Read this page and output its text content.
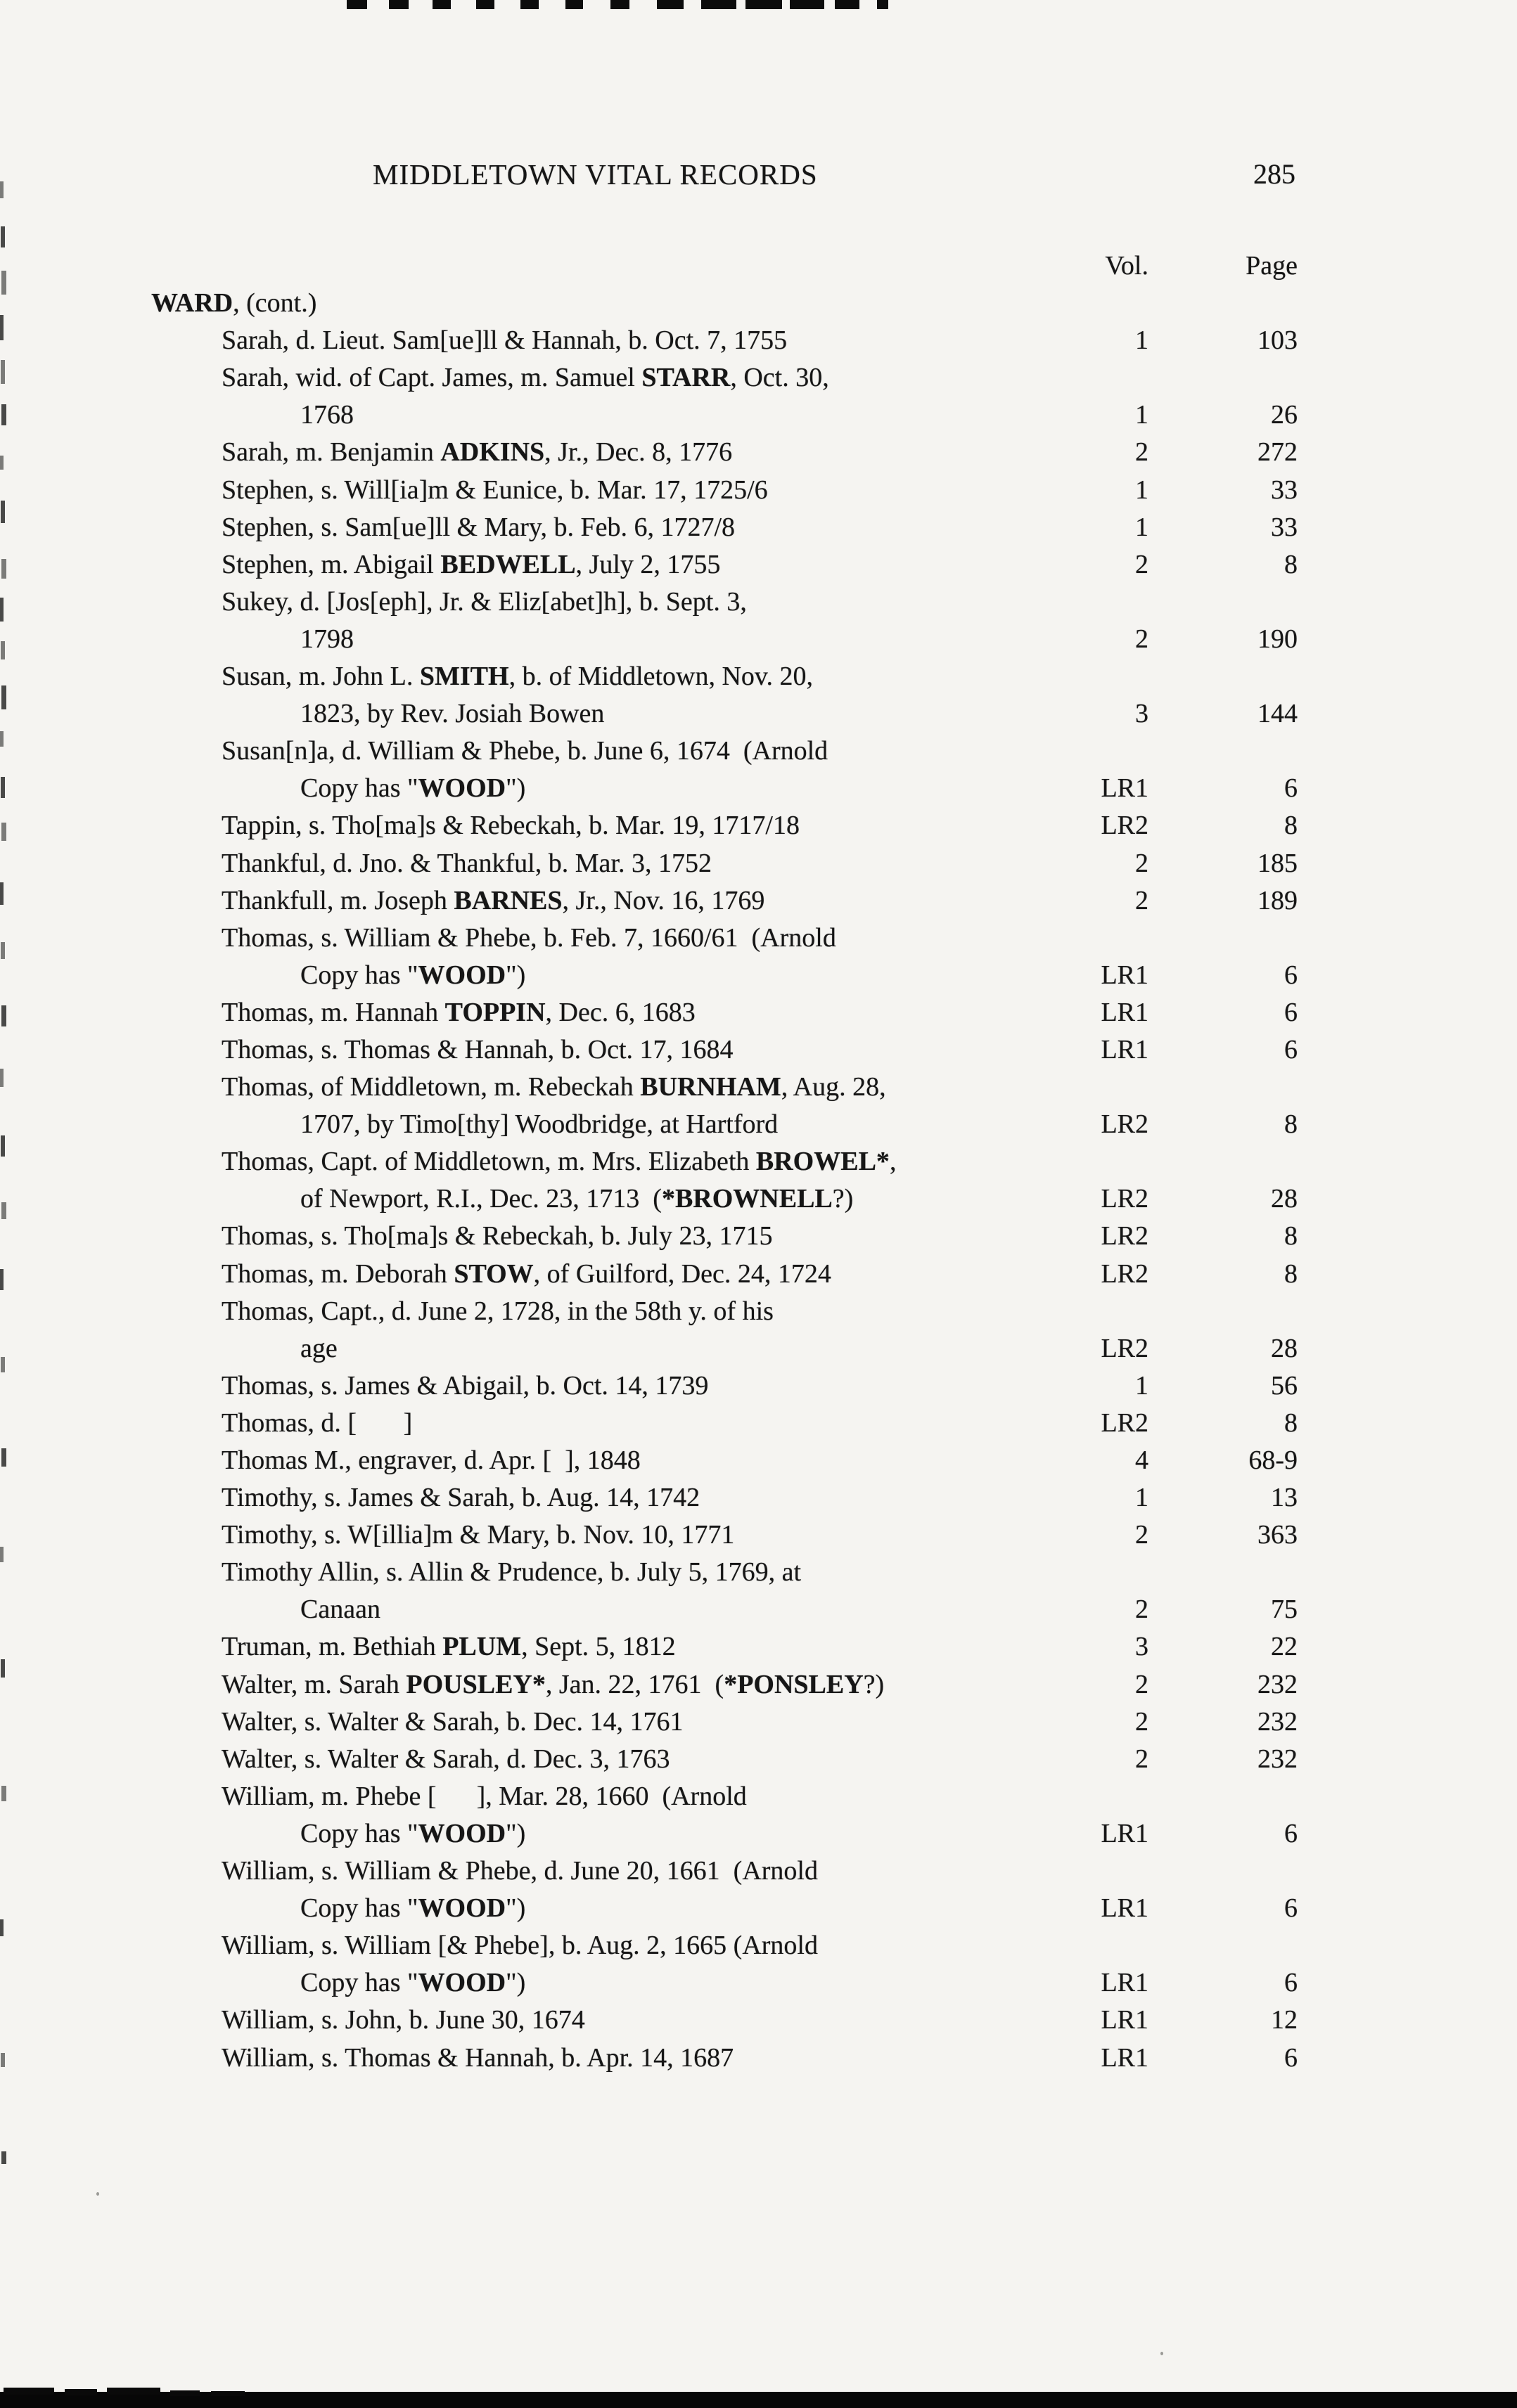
MIDDLETOWN VITAL RECORDS	285
Vol.	Page
WARD, (cont.)
Sarah, d. Lieut. Sam[ue]ll & Hannah, b. Oct. 7, 1755	1	103
Sarah, wid. of Capt. James, m. Samuel STARR, Oct. 30,
1768	1	26
Sarah, m. Benjamin ADKINS, Jr., Dec. 8, 1776	2	272
Stephen, s. Will[ia]m & Eunice, b. Mar. 17, 1725/6	1	33
Stephen, s. Sam[ue]ll & Mary, b. Feb. 6, 1727/8	1	33
Stephen, m. Abigail BEDWELL, July 2, 1755	2	8
Sukey, d. [Jos[eph], Jr. & Eliz[abet]h], b. Sept. 3,
1798	2	190
Susan, m. John L. SMITH, b. of Middletown, Nov. 20,
1823, by Rev. Josiah Bowen	3	144
Susan[n]a, d. William & Phebe, b. June 6, 1674  (Arnold
Copy has "WOOD")	LR1	6
Tappin, s. Tho[ma]s & Rebeckah, b. Mar. 19, 1717/18	LR2	8
Thankful, d. Jno. & Thankful, b. Mar. 3, 1752	2	185
Thankfull, m. Joseph BARNES, Jr., Nov. 16, 1769	2	189
Thomas, s. William & Phebe, b. Feb. 7, 1660/61  (Arnold
Copy has "WOOD")	LR1	6
Thomas, m. Hannah TOPPIN, Dec. 6, 1683	LR1	6
Thomas, s. Thomas & Hannah, b. Oct. 17, 1684	LR1	6
Thomas, of Middletown, m. Rebeckah BURNHAM, Aug. 28,
1707, by Timo[thy] Woodbridge, at Hartford	LR2	8
Thomas, Capt. of Middletown, m. Mrs. Elizabeth BROWEL*,
of Newport, R.I., Dec. 23, 1713  (*BROWNELL?)	LR2	28
Thomas, s. Tho[ma]s & Rebeckah, b. July 23, 1715	LR2	8
Thomas, m. Deborah STOW, of Guilford, Dec. 24, 1724	LR2	8
Thomas, Capt., d. June 2, 1728, in the 58th y. of his
age	LR2	28
Thomas, s. James & Abigail, b. Oct. 14, 1739	1	56
Thomas, d. [       ]	LR2	8
Thomas M., engraver, d. Apr. [  ], 1848	4	68-9
Timothy, s. James & Sarah, b. Aug. 14, 1742	1	13
Timothy, s. W[illia]m & Mary, b. Nov. 10, 1771	2	363
Timothy Allin, s. Allin & Prudence, b. July 5, 1769, at
Canaan	2	75
Truman, m. Bethiah PLUM, Sept. 5, 1812	3	22
Walter, m. Sarah POUSLEY*, Jan. 22, 1761  (*PONSLEY?)	2	232
Walter, s. Walter & Sarah, b. Dec. 14, 1761	2	232
Walter, s. Walter & Sarah, d. Dec. 3, 1763	2	232
William, m. Phebe [      ], Mar. 28, 1660  (Arnold
Copy has "WOOD")	LR1	6
William, s. William & Phebe, d. June 20, 1661  (Arnold
Copy has "WOOD")	LR1	6
William, s. William [& Phebe], b. Aug. 2, 1665 (Arnold
Copy has "WOOD")	LR1	6
William, s. John, b. June 30, 1674	LR1	12
William, s. Thomas & Hannah, b. Apr. 14, 1687	LR1	6
